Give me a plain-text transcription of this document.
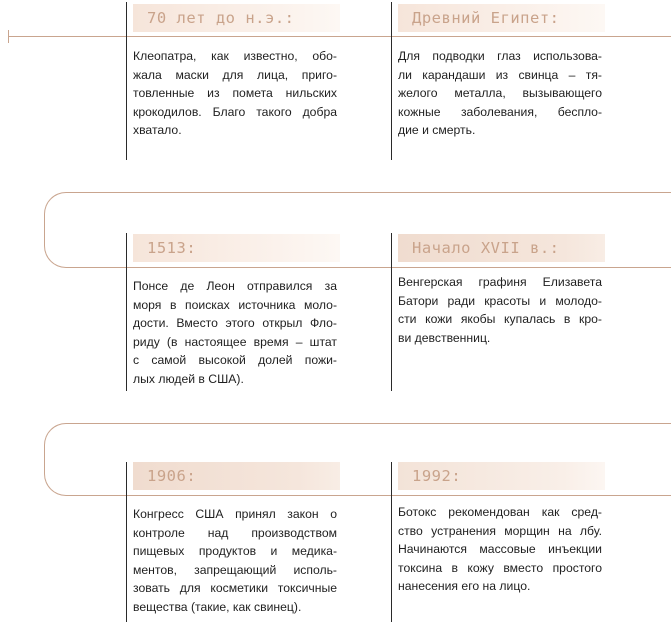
70 лет до н.э.:
Клеопатра, как известно, обо-
жала маски для лица, приго-
товленные из помета нильских
крокодилов. Благо такого добра
хватало.
Древний Египет:
Для подводки глаз использова-
ли карандаши из свинца – тя-
желого металла, вызывающего
кожные заболевания, бесплo-
дие и смерть.
1513:
Понсе де Леон отправился за
моря в поисках источника моло-
дости. Вместо этого открыл Фло-
риду (в настоящее время – штат
с самой высокой долей пожи-
лых людей в США).
Начало XVII в.:
Венгерская графиня Елизавета
Батори ради красоты и молодо-
сти кожи якобы купалась в кро-
ви девственниц.
1906:
Конгресс США принял закон о
контроле над производством
пищевых продуктов и медика-
ментов, запрещающий исполь-
зовать для косметики токсичные
вещества (такие, как свинец).
1992:
Ботокс рекомендован как сред-
ство устранения морщин на лбу.
Начинаются массовые инъекции
токсина в кожу вместо простого
нанесения его на лицо.
